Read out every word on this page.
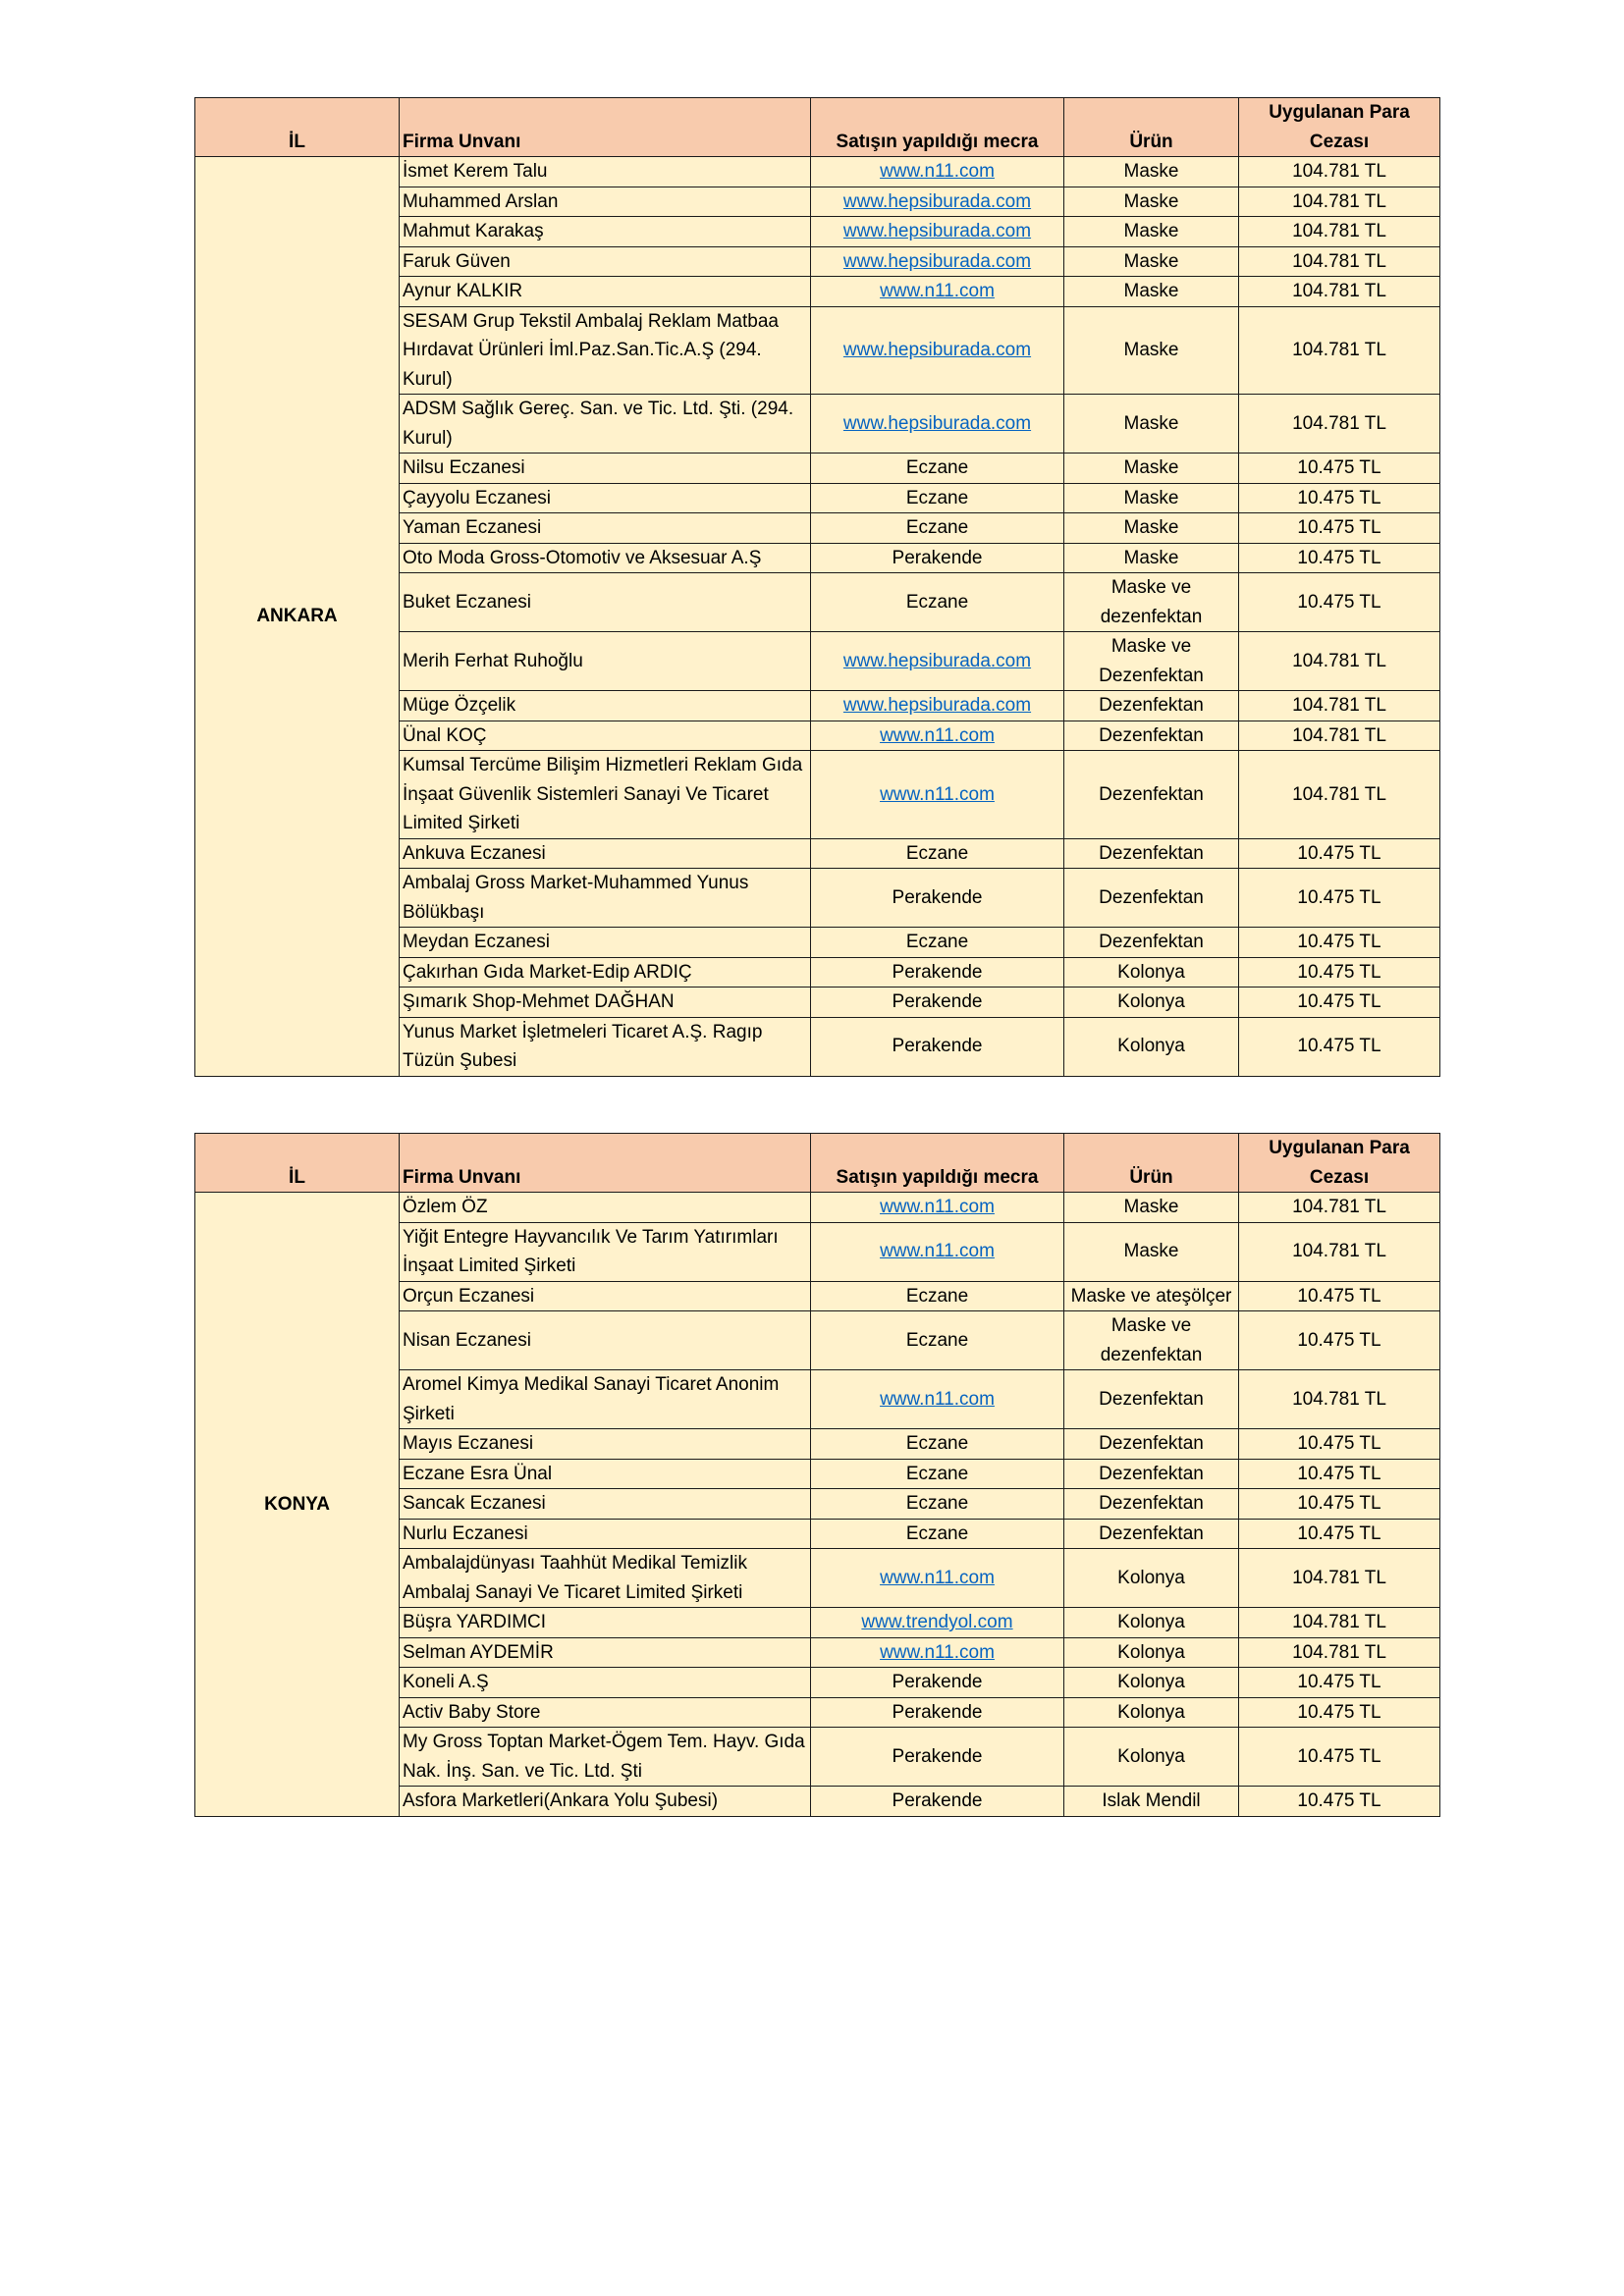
İL	Firma Unvanı	Satışın yapıldığı mecra	Ürün	Uygulanan Para Cezası
ANKARA	İsmet Kerem Talu	www.n11.com	Maske	104.781 TL
	Muhammed Arslan	www.hepsiburada.com	Maske	104.781 TL
	Mahmut Karakaş	www.hepsiburada.com	Maske	104.781 TL
	Faruk Güven	www.hepsiburada.com	Maske	104.781 TL
	Aynur KALKIR	www.n11.com	Maske	104.781 TL
	SESAM Grup Tekstil Ambalaj Reklam Matbaa Hırdavat Ürünleri İml.Paz.San.Tic.A.Ş (294. Kurul)	www.hepsiburada.com	Maske	104.781 TL
	ADSM Sağlık Gereç. San. ve Tic. Ltd. Şti. (294. Kurul)	www.hepsiburada.com	Maske	104.781 TL
	Nilsu Eczanesi	Eczane	Maske	10.475 TL
	Çayyolu Eczanesi	Eczane	Maske	10.475 TL
	Yaman Eczanesi	Eczane	Maske	10.475 TL
	Oto Moda Gross-Otomotiv ve Aksesuar A.Ş	Perakende	Maske	10.475 TL
	Buket Eczanesi	Eczane	Maske ve dezenfektan	10.475 TL
	Merih Ferhat Ruhoğlu	www.hepsiburada.com	Maske ve Dezenfektan	104.781 TL
	Müge Özçelik	www.hepsiburada.com	Dezenfektan	104.781 TL
	Ünal KOÇ	www.n11.com	Dezenfektan	104.781 TL
	Kumsal Tercüme Bilişim Hizmetleri Reklam Gıda İnşaat Güvenlik Sistemleri Sanayi Ve Ticaret Limited Şirketi	www.n11.com	Dezenfektan	104.781 TL
	Ankuva Eczanesi	Eczane	Dezenfektan	10.475 TL
	Ambalaj Gross Market-Muhammed Yunus Bölükbaşı	Perakende	Dezenfektan	10.475 TL
	Meydan Eczanesi	Eczane	Dezenfektan	10.475 TL
	Çakırhan Gıda Market-Edip ARDIÇ	Perakende	Kolonya	10.475 TL
	Şımarık Shop-Mehmet DAĞHAN	Perakende	Kolonya	10.475 TL
	Yunus Market İşletmeleri Ticaret A.Ş. Ragıp Tüzün Şubesi	Perakende	Kolonya	10.475 TL
İL	Firma Unvanı	Satışın yapıldığı mecra	Ürün	Uygulanan Para Cezası
KONYA	Özlem ÖZ	www.n11.com	Maske	104.781 TL
	Yiğit Entegre Hayvancılık Ve Tarım Yatırımları İnşaat Limited Şirketi	www.n11.com	Maske	104.781 TL
	Orçun Eczanesi	Eczane	Maske ve ateşölçer	10.475 TL
	Nisan Eczanesi	Eczane	Maske ve dezenfektan	10.475 TL
	Aromel Kimya Medikal Sanayi Ticaret Anonim Şirketi	www.n11.com	Dezenfektan	104.781 TL
	Mayıs Eczanesi	Eczane	Dezenfektan	10.475 TL
	Eczane Esra Ünal	Eczane	Dezenfektan	10.475 TL
	Sancak Eczanesi	Eczane	Dezenfektan	10.475 TL
	Nurlu Eczanesi	Eczane	Dezenfektan	10.475 TL
	Ambalajdünyası Taahhüt Medikal Temizlik Ambalaj Sanayi Ve Ticaret Limited Şirketi	www.n11.com	Kolonya	104.781 TL
	Büşra YARDIMCI	www.trendyol.com	Kolonya	104.781 TL
	Selman AYDEMİR	www.n11.com	Kolonya	104.781 TL
	Koneli A.Ş	Perakende	Kolonya	10.475 TL
	Activ Baby Store	Perakende	Kolonya	10.475 TL
	My Gross Toptan Market-Ögem Tem. Hayv. Gıda Nak. İnş. San. ve Tic. Ltd. Şti	Perakende	Kolonya	10.475 TL
	Asfora Marketleri(Ankara Yolu Şubesi)	Perakende	Islak Mendil	10.475 TL
